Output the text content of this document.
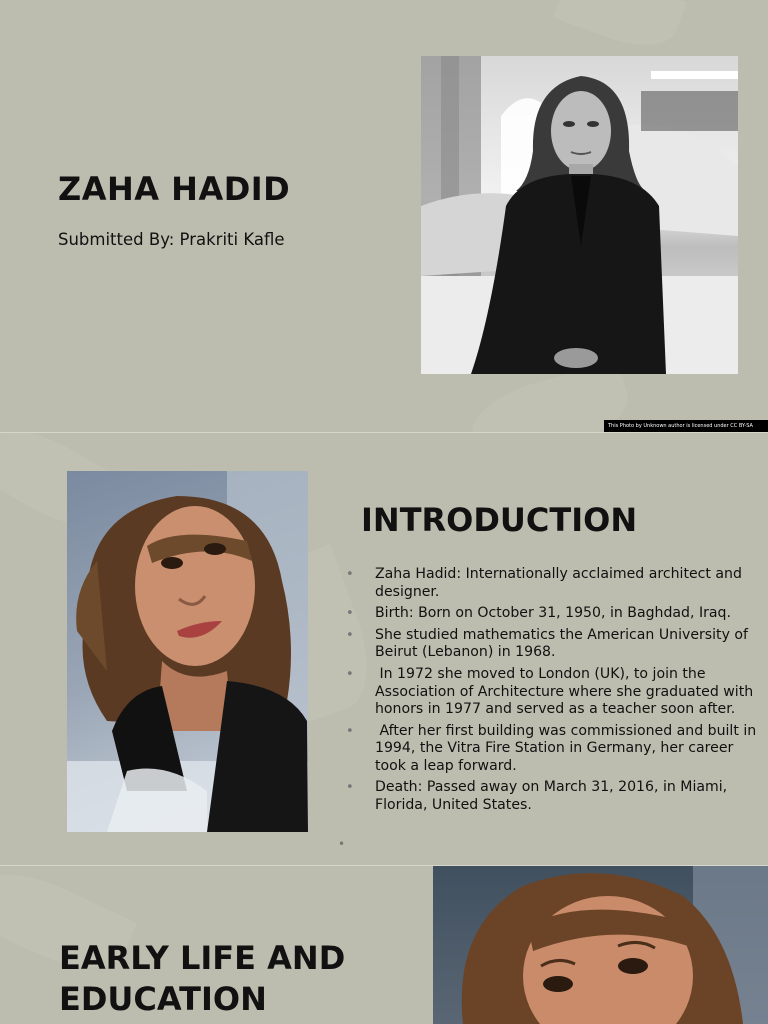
ZAHA HADID

Submitted By: Prakriti Kafle

This Photo by Unknown author is licensed under CC BY-SA
INTRODUCTION
• Zaha Hadid: Internationally acclaimed architect and designer.
• Birth: Born on October 31, 1950, in Baghdad, Iraq.
• She studied mathematics the American University of Beirut (Lebanon) in 1968.
• In 1972 she moved to London (UK), to join the Association of Architecture where she graduated with honors in 1977 and served as a teacher soon after.
• After her first building was commissioned and built in 1994, the Vitra Fire Station in Germany, her career took a leap forward.
• Death: Passed away on March 31, 2016, in Miami, Florida, United States.
•
EARLY LIFE AND
EDUCATION
